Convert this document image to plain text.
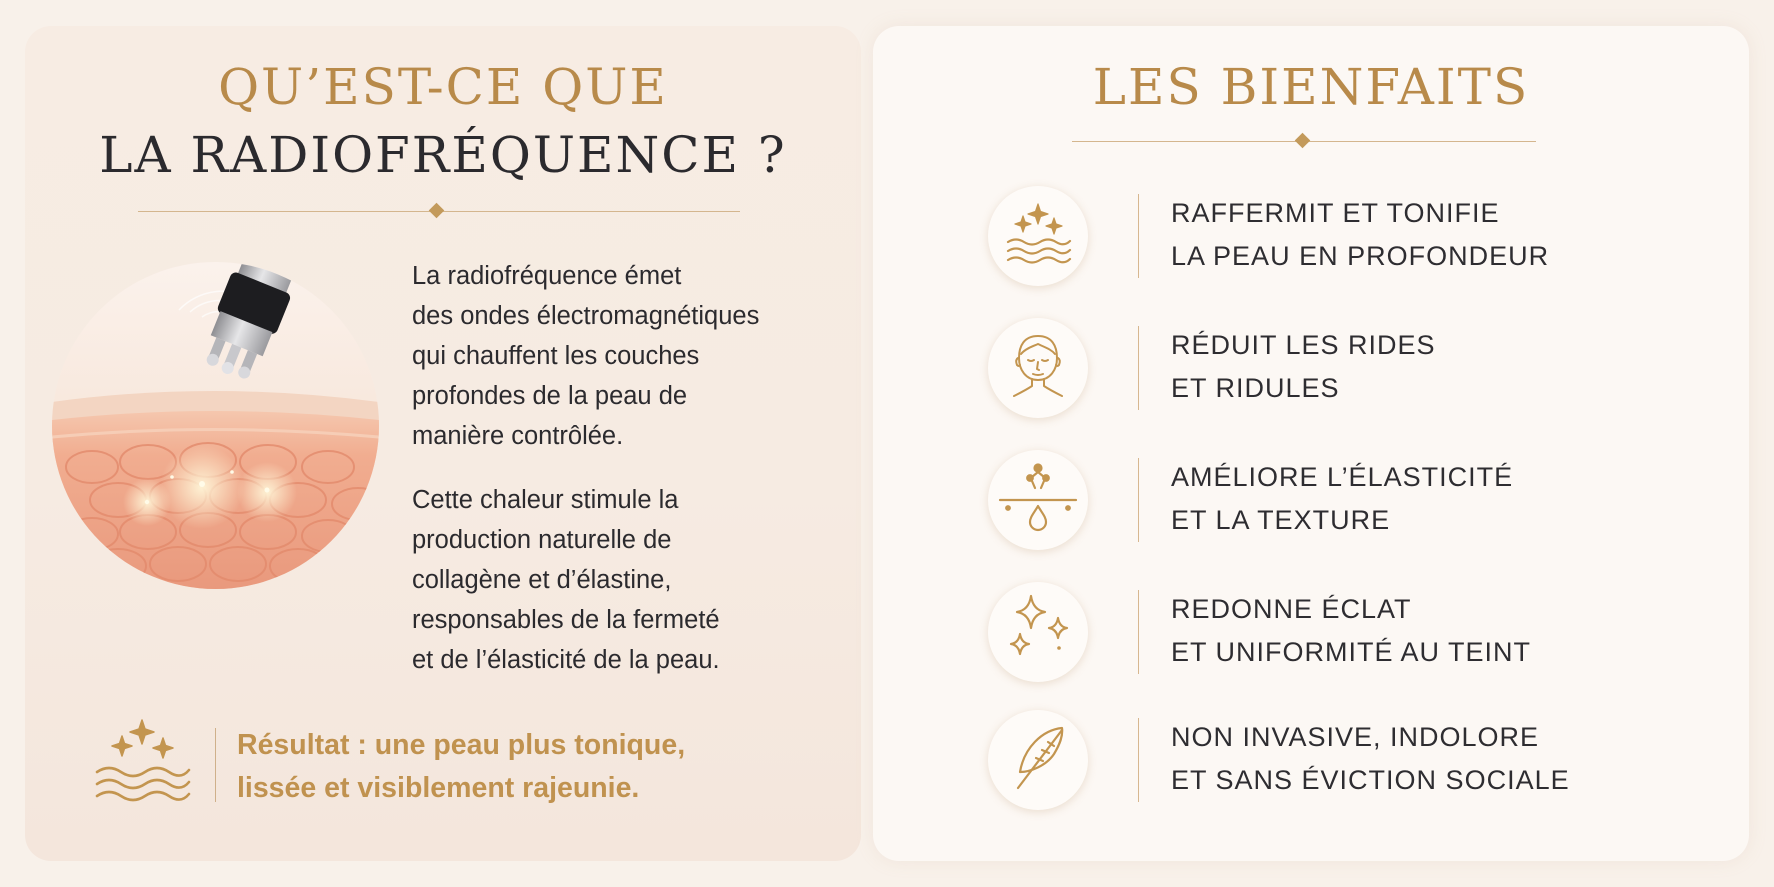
QU’EST-CE QUE
LA RADIOFRÉQUENCE ?

La radiofréquence émet
des ondes électromagnétiques
qui chauffent les couches
profondes de la peau de
manière contrôlée.

Cette chaleur stimule la
production naturelle de
collagène et d’élastine,
responsables de la fermeté
et de l’élasticité de la peau.

Résultat : une peau plus tonique,
lissée et visiblement rajeunie.
LES BIENFAITS
RAFFERMIT ET TONIFIE
LA PEAU EN PROFONDEUR
RÉDUIT LES RIDES
ET RIDULES
AMÉLIORE L’ÉLASTICITÉ
ET LA TEXTURE
REDONNE ÉCLAT
ET UNIFORMITÉ AU TEINT
NON INVASIVE, INDOLORE
ET SANS ÉVICTION SOCIALE
